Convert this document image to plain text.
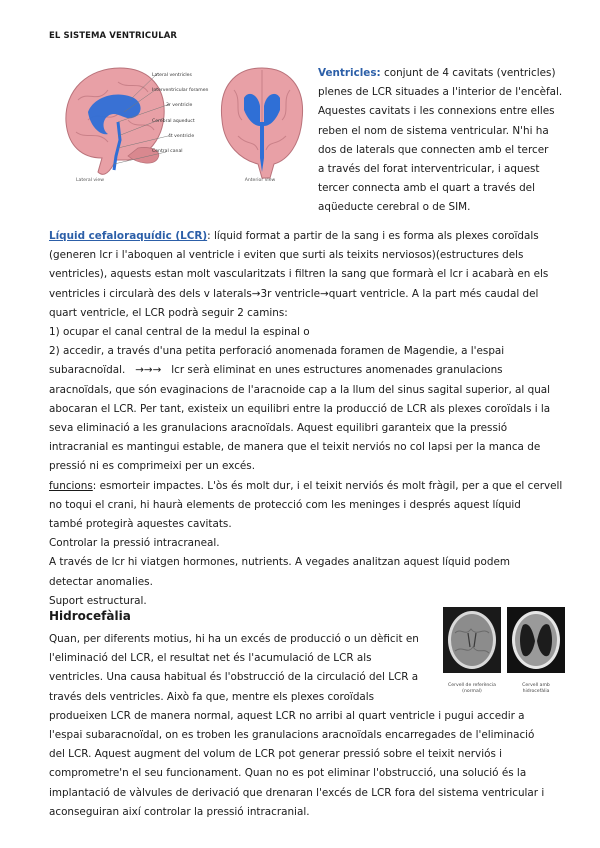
EL SISTEMA VENTRICULAR
Lateral ventricles
Interventricular foramen
3r ventricle
Cerebral aqueduct
4t ventricle
Central canal
Lateral view	Anterior view
Ventricles: conjunt de 4 cavitats (ventricles)
plenes de LCR situades a l'interior de l'encèfal.
Aquestes cavitats i les connexions entre elles
reben el nom de sistema ventricular. N'hi ha
dos de laterals que connecten amb el tercer
a través del forat interventricular, i aquest
tercer connecta amb el quart a través del
aqüeducte cerebral o de SIM.
Líquid cefaloraquídic (LCR): líquid format a partir de la sang i es forma als plexes coroïdals
(generen lcr i l'aboquen al ventricle i eviten que surti als teixits nerviosos)(estructures dels
ventricles), aquests estan molt vascularitzats i filtren la sang que formarà el lcr i acabarà en els
ventricles i circularà des dels v laterals→3r ventricle→quart ventricle. A la part més caudal del
quart ventricle, el LCR podrà seguir 2 camins:
1) ocupar el canal central de la medul la espinal o
2) accedir, a través d'una petita perforació anomenada foramen de Magendie, a l'espai
subaracnoïdal.   →→→   lcr serà eliminat en unes estructures anomenades granulacions
aracnoïdals, que són evaginacions de l'aracnoide cap a la llum del sinus sagital superior, al qual
abocaran el LCR. Per tant, existeix un equilibri entre la producció de LCR als plexes coroïdals i la
seva eliminació a les granulacions aracnoïdals. Aquest equilibri garanteix que la pressió
intracranial es mantingui estable, de manera que el teixit nerviós no col lapsi per la manca de
pressió ni es comprimeixi per un excés.
funcions: esmorteir impactes. L'òs és molt dur, i el teixit nerviós és molt fràgil, per a que el cervell
no toqui el crani, hi haurà elements de protecció com les meninges i després aquest líquid
també protegirà aquestes cavitats.
Controlar la pressió intracraneal.
A través de lcr hi viatgen hormones, nutrients. A vegades analitzan aquest líquid podem
detectar anomalies.
Suport estructural.
Hidrocefàlia
Cervell de referència (normal)
Cervell amb hidrocefàlia
Quan, per diferents motius, hi ha un excés de producció o un dèficit en
l'eliminació del LCR, el resultat net és l'acumulació de LCR als
ventricles. Una causa habitual és l'obstrucció de la circulació del LCR a
través dels ventricles. Això fa que, mentre els plexes coroïdals
produeixen LCR de manera normal, aquest LCR no arribi al quart ventricle i pugui accedir a
l'espai subaracnoïdal, on es troben les granulacions aracnoïdals encarregades de l'eliminació
del LCR. Aquest augment del volum de LCR pot generar pressió sobre el teixit nerviós i
comprometre'n el seu funcionament. Quan no es pot eliminar l'obstrucció, una solució és la
implantació de vàlvules de derivació que drenaran l'excés de LCR fora del sistema ventricular i
aconseguiran així controlar la pressió intracranial.
